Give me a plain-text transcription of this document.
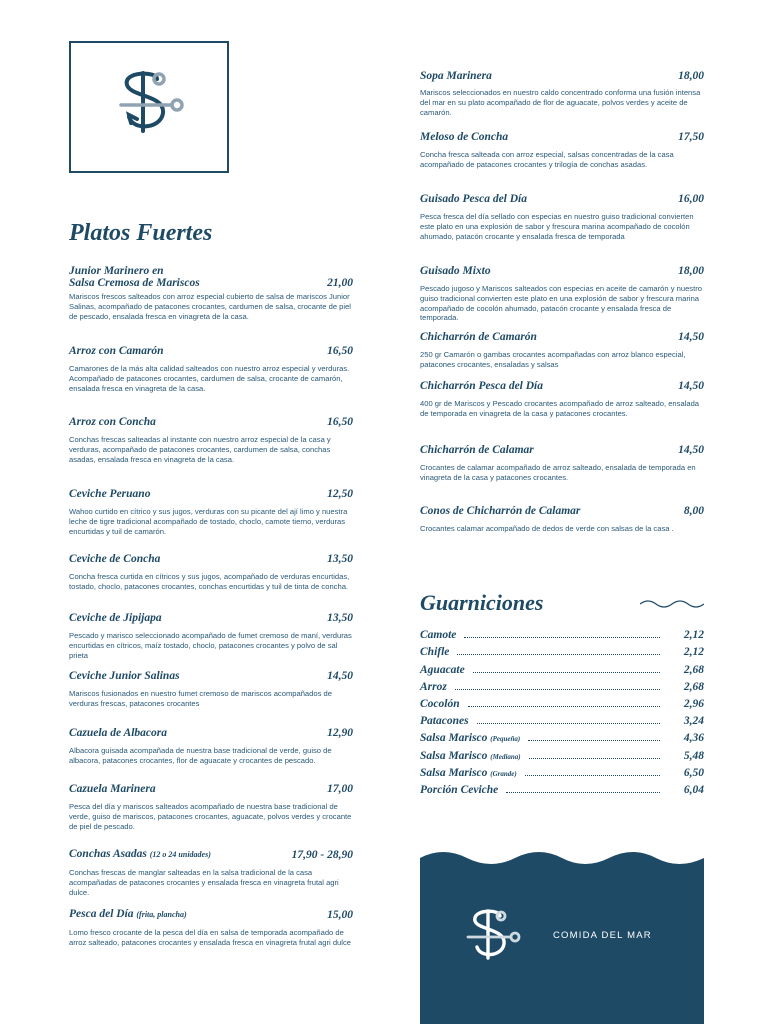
Platos Fuertes
Junior Marinero en
Salsa Cremosa de Mariscos	21,00
Mariscos frescos salteados con arroz especial cubierto de salsa de mariscos Junior Salinas, acompañado de patacones crocantes, cardumen de salsa, crocante de piel de pescado, ensalada fresca en vinagreta de la casa.
Arroz con Camarón	16,50
Camarones de la más alta calidad salteados con nuestro arroz especial y verduras. Acompañado de patacones crocantes, cardumen de salsa, crocante de camarón, ensalada fresca en vinagreta de la casa.
Arroz con Concha	16,50
Conchas frescas salteadas al instante con nuestro arroz especial de la casa y verduras, acompañado de patacones crocantes, cardumen de salsa, conchas asadas, ensalada fresca en vinagreta de la casa.
Ceviche Peruano	12,50
Wahoo curtido en cítrico y sus jugos, verduras con su picante del ají limo y nuestra leche de tigre tradicional acompañado de tostado, choclo, camote tierno, verduras encurtidas y tuil de camarón.
Ceviche de Concha	13,50
Concha fresca curtida en cítricos y sus jugos, acompañado de verduras encurtidas, tostado, choclo, patacones crocantes, conchas encurtidas y tuil de tinta de concha.
Ceviche de Jipijapa	13,50
Pescado y marisco seleccionado acompañado de fumet cremoso de maní, verduras encurtidas en cítricos, maíz tostado, choclo, patacones crocantes y polvo de sal prieta
Ceviche Junior Salinas	14,50
Mariscos fusionados en nuestro fumet cremoso de mariscos acompañados de verduras frescas, patacones crocantes
Cazuela de Albacora	12,90
Albacora guisada acompañada de nuestra base tradicional de verde, guiso de albacora, patacones crocantes, flor de aguacate y crocantes de pescado.
Cazuela Marinera	17,00
Pesca del día y mariscos salteados acompañado de nuestra base tradicional de verde, guiso de mariscos, patacones crocantes, aguacate, polvos verdes y crocante de piel de pescado.
Conchas Asadas (12 o 24 unidades)	17,90 - 28,90
Conchas frescas de manglar salteadas en la salsa tradicional de la casa acompañadas de patacones crocantes y ensalada fresca en vinagreta frutal agri dulce.
Pesca del Día (frita, plancha)	15,00
Lomo fresco crocante de la pesca del día en salsa de temporada acompañado de arroz salteado, patacones crocantes y ensalada fresca en vinagreta frutal agri dulce
Sopa Marinera	18,00
Mariscos seleccionados en nuestro caldo concentrado conforma una fusión intensa del mar en su plato acompañado de flor de aguacate, polvos verdes y aceite de camarón.
Meloso de Concha	17,50
Concha fresca salteada con arroz especial, salsas concentradas de la casa acompañado de patacones crocantes y trilogía de conchas asadas.
Guisado Pesca del Día	16,00
Pesca fresca del día sellado con especias en nuestro guiso tradicional convierten este plato en una explosión de sabor y frescura marina acompañado de cocolón ahumado, patacón crocante y ensalada fresca de temporada
Guisado Mixto	18,00
Pescado jugoso y Mariscos salteados con especias en aceite de camarón y nuestro guiso tradicional convierten este plato en una explosión de sabor y frescura marina acompañado de cocolón ahumado, patacón crocante y ensalada fresca de temporada.
Chicharrón de Camarón	14,50
250 gr Camarón o gambas crocantes acompañadas con arroz blanco especial, patacones crocantes, ensaladas y salsas
Chicharrón Pesca del Día	14,50
400 gr de Mariscos y Pescado crocantes acompañado de arroz salteado, ensalada de temporada en vinagreta de la casa y patacones crocantes.
Chicharrón de Calamar	14,50
Crocantes de calamar acompañado de arroz salteado, ensalada de temporada en vinagreta de la casa y patacones crocantes.
Conos de Chicharrón de Calamar	8,00
Crocantes calamar acompañado de dedos de verde con salsas de la casa .
Guarniciones
Camote	2,12
Chifle	2,12
Aguacate	2,68
Arroz	2,68
Cocolón	2,96
Patacones	3,24
Salsa Marisco (Pequeña)	4,36
Salsa Marisco (Mediana)	5,48
Salsa Marisco (Grande)	6,50
Porción Ceviche	6,04
COMIDA DEL MAR
